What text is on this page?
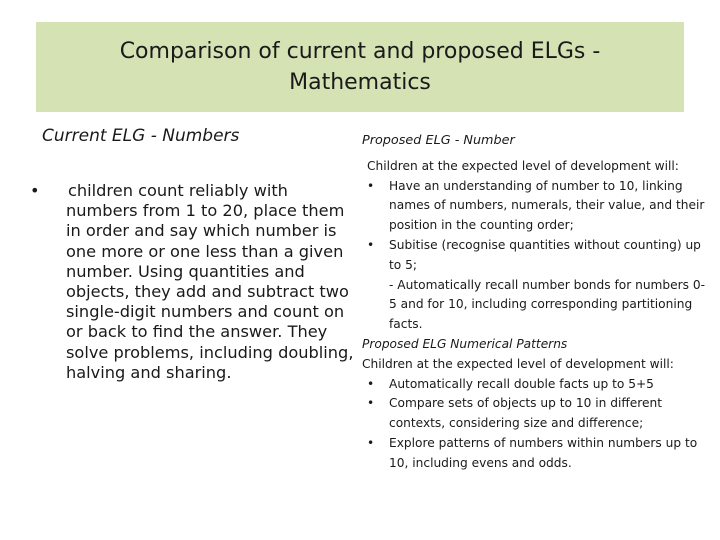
Comparison of current and proposed ELGs -
Mathematics
Current ELG - Numbers
•	children count reliably with
numbers from 1 to 20, place them in order and say which number is one more or one less than a given number. Using quantities and objects, they add and subtract two single-digit numbers and count on or back to find the answer. They solve problems, including doubling, halving and sharing.
Proposed ELG - Number
Children at the expected level of development will:
• Have an understanding of number to 10, linking names of numbers, numerals, their value, and their position in the counting order;
• Subitise (recognise quantities without counting) up to 5;
- Automatically recall number bonds for numbers 0-5 and for 10, including corresponding partitioning facts.
Proposed ELG Numerical Patterns
Children at the expected level of development will:
• Automatically recall double facts up to 5+5
• Compare sets of objects up to 10 in different contexts, considering size and difference;
• Explore patterns of numbers within numbers up to 10, including evens and odds.
